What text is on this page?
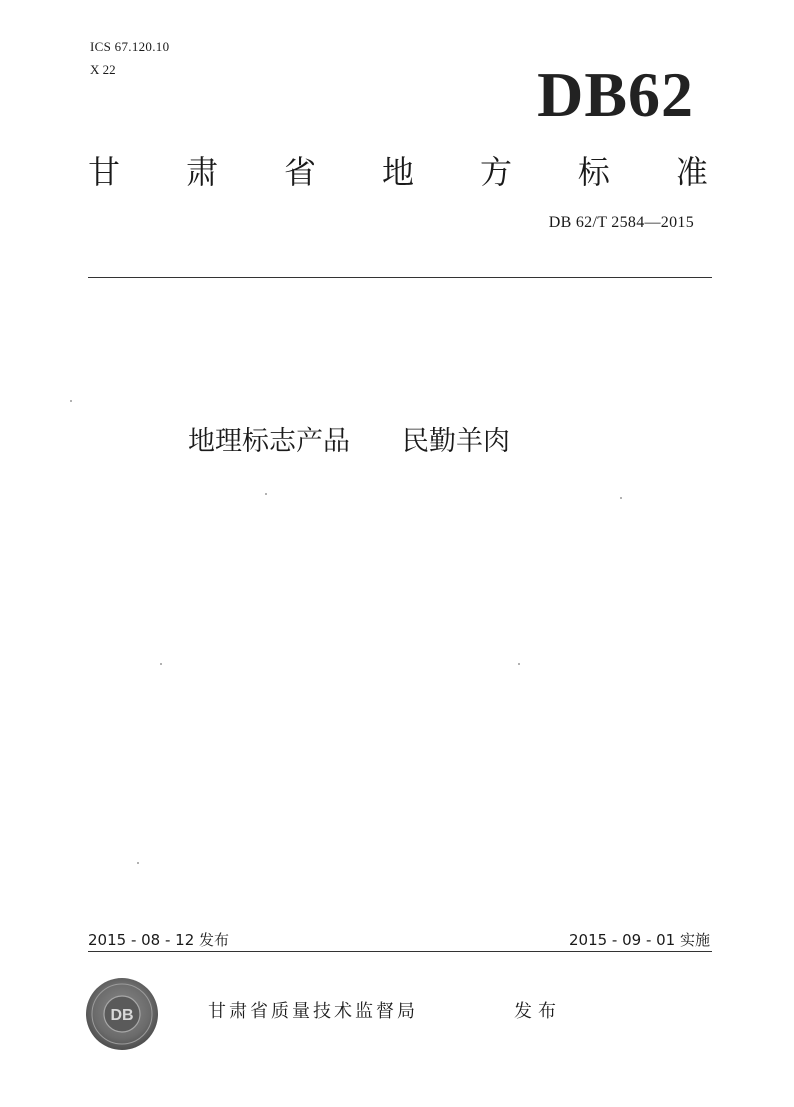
ICS 67.120.10
X 22	DB62
甘 肃 省 地 方 标 准
DB 62/T 2584—2015
地理标志产品 民勤羊肉
2015 - 08 - 12 发布	2015 - 09 - 01 实施
DB	甘肃省质量技术监督局	发布
